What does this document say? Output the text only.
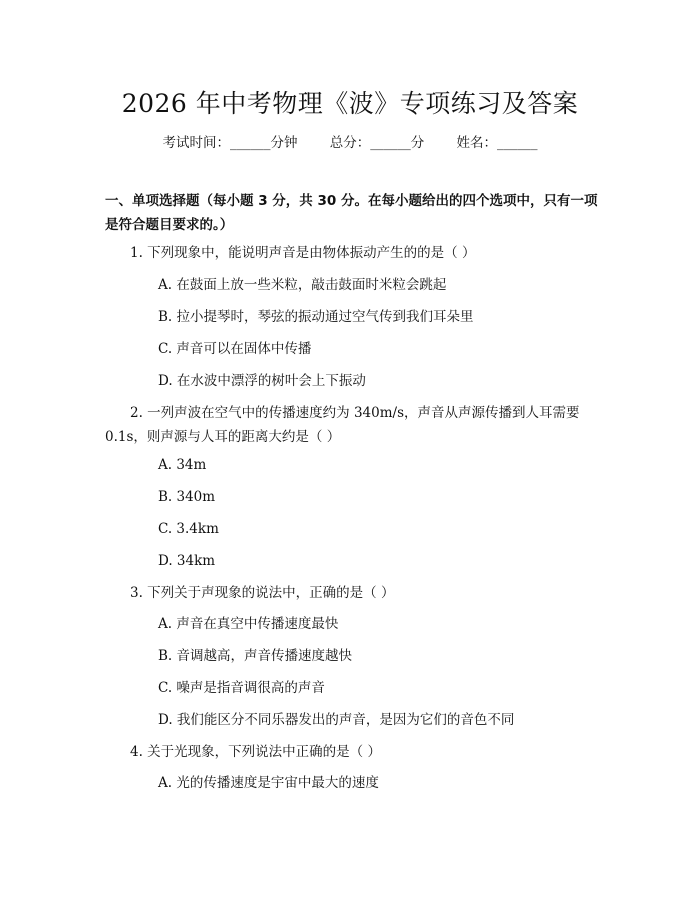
2026 年中考物理《波》专项练习及答案
考试时间：______分钟 总分：______分 姓名：______
一、单项选择题（每小题 3 分，共 30 分。在每小题给出的四个选项中，只有一项是符合题目要求的。）
1. 下列现象中，能说明声音是由物体振动产生的的是（ ）
A. 在鼓面上放一些米粒，敲击鼓面时米粒会跳起
B. 拉小提琴时，琴弦的振动通过空气传到我们耳朵里
C. 声音可以在固体中传播
D. 在水波中漂浮的树叶会上下振动
2. 一列声波在空气中的传播速度约为 340m/s，声音从声源传播到人耳需要 0.1s，则声源与人耳的距离大约是（ ）
A. 34m
B. 340m
C. 3.4km
D. 34km
3. 下列关于声现象的说法中，正确的是（ ）
A. 声音在真空中传播速度最快
B. 音调越高，声音传播速度越快
C. 噪声是指音调很高的声音
D. 我们能区分不同乐器发出的声音，是因为它们的音色不同
4. 关于光现象，下列说法中正确的是（ ）
A. 光的传播速度是宇宙中最大的速度
